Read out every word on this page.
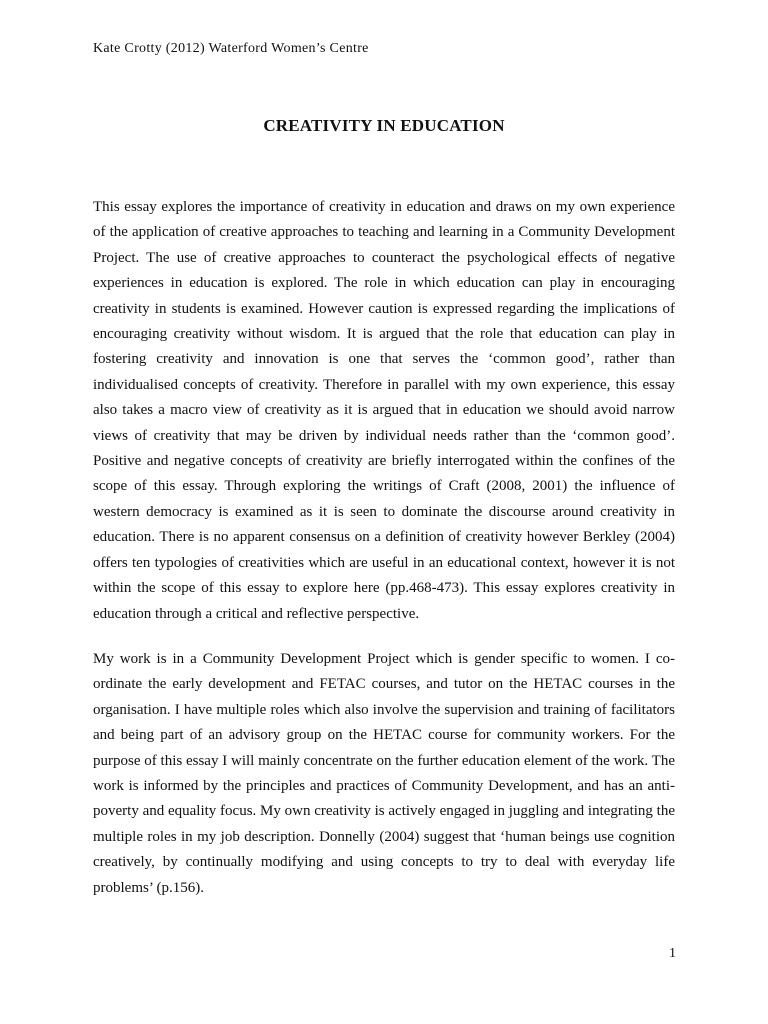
Kate Crotty (2012) Waterford Women’s Centre
CREATIVITY IN EDUCATION

This essay explores the importance of creativity in education and draws on my own experience of the application of creative approaches to teaching and learning in a Community Development Project. The use of creative approaches to counteract the psychological effects of negative experiences in education is explored. The role in which education can play in encouraging creativity in students is examined. However caution is expressed regarding the implications of encouraging creativity without wisdom. It is argued that the role that education can play in fostering creativity and innovation is one that serves the ‘common good’, rather than individualised concepts of creativity. Therefore in parallel with my own experience, this essay also takes a macro view of creativity as it is argued that in education we should avoid narrow views of creativity that may be driven by individual needs rather than the ‘common good’. Positive and negative concepts of creativity are briefly interrogated within the confines of the scope of this essay. Through exploring the writings of Craft (2008, 2001) the influence of western democracy is examined as it is seen to dominate the discourse around creativity in education. There is no apparent consensus on a definition of creativity however Berkley (2004) offers ten typologies of creativities which are useful in an educational context, however it is not within the scope of this essay to explore here (pp.468-473). This essay explores creativity in education through a critical and reflective perspective.

My work is in a Community Development Project which is gender specific to women. I co-ordinate the early development and FETAC courses, and tutor on the HETAC courses in the organisation. I have multiple roles which also involve the supervision and training of facilitators and being part of an advisory group on the HETAC course for community workers. For the purpose of this essay I will mainly concentrate on the further education element of the work. The work is informed by the principles and practices of Community Development, and has an anti-poverty and equality focus. My own creativity is actively engaged in juggling and integrating the multiple roles in my job description. Donnelly (2004) suggest that ‘human beings use cognition creatively, by continually modifying and using concepts to try to deal with everyday life problems’ (p.156).

1
